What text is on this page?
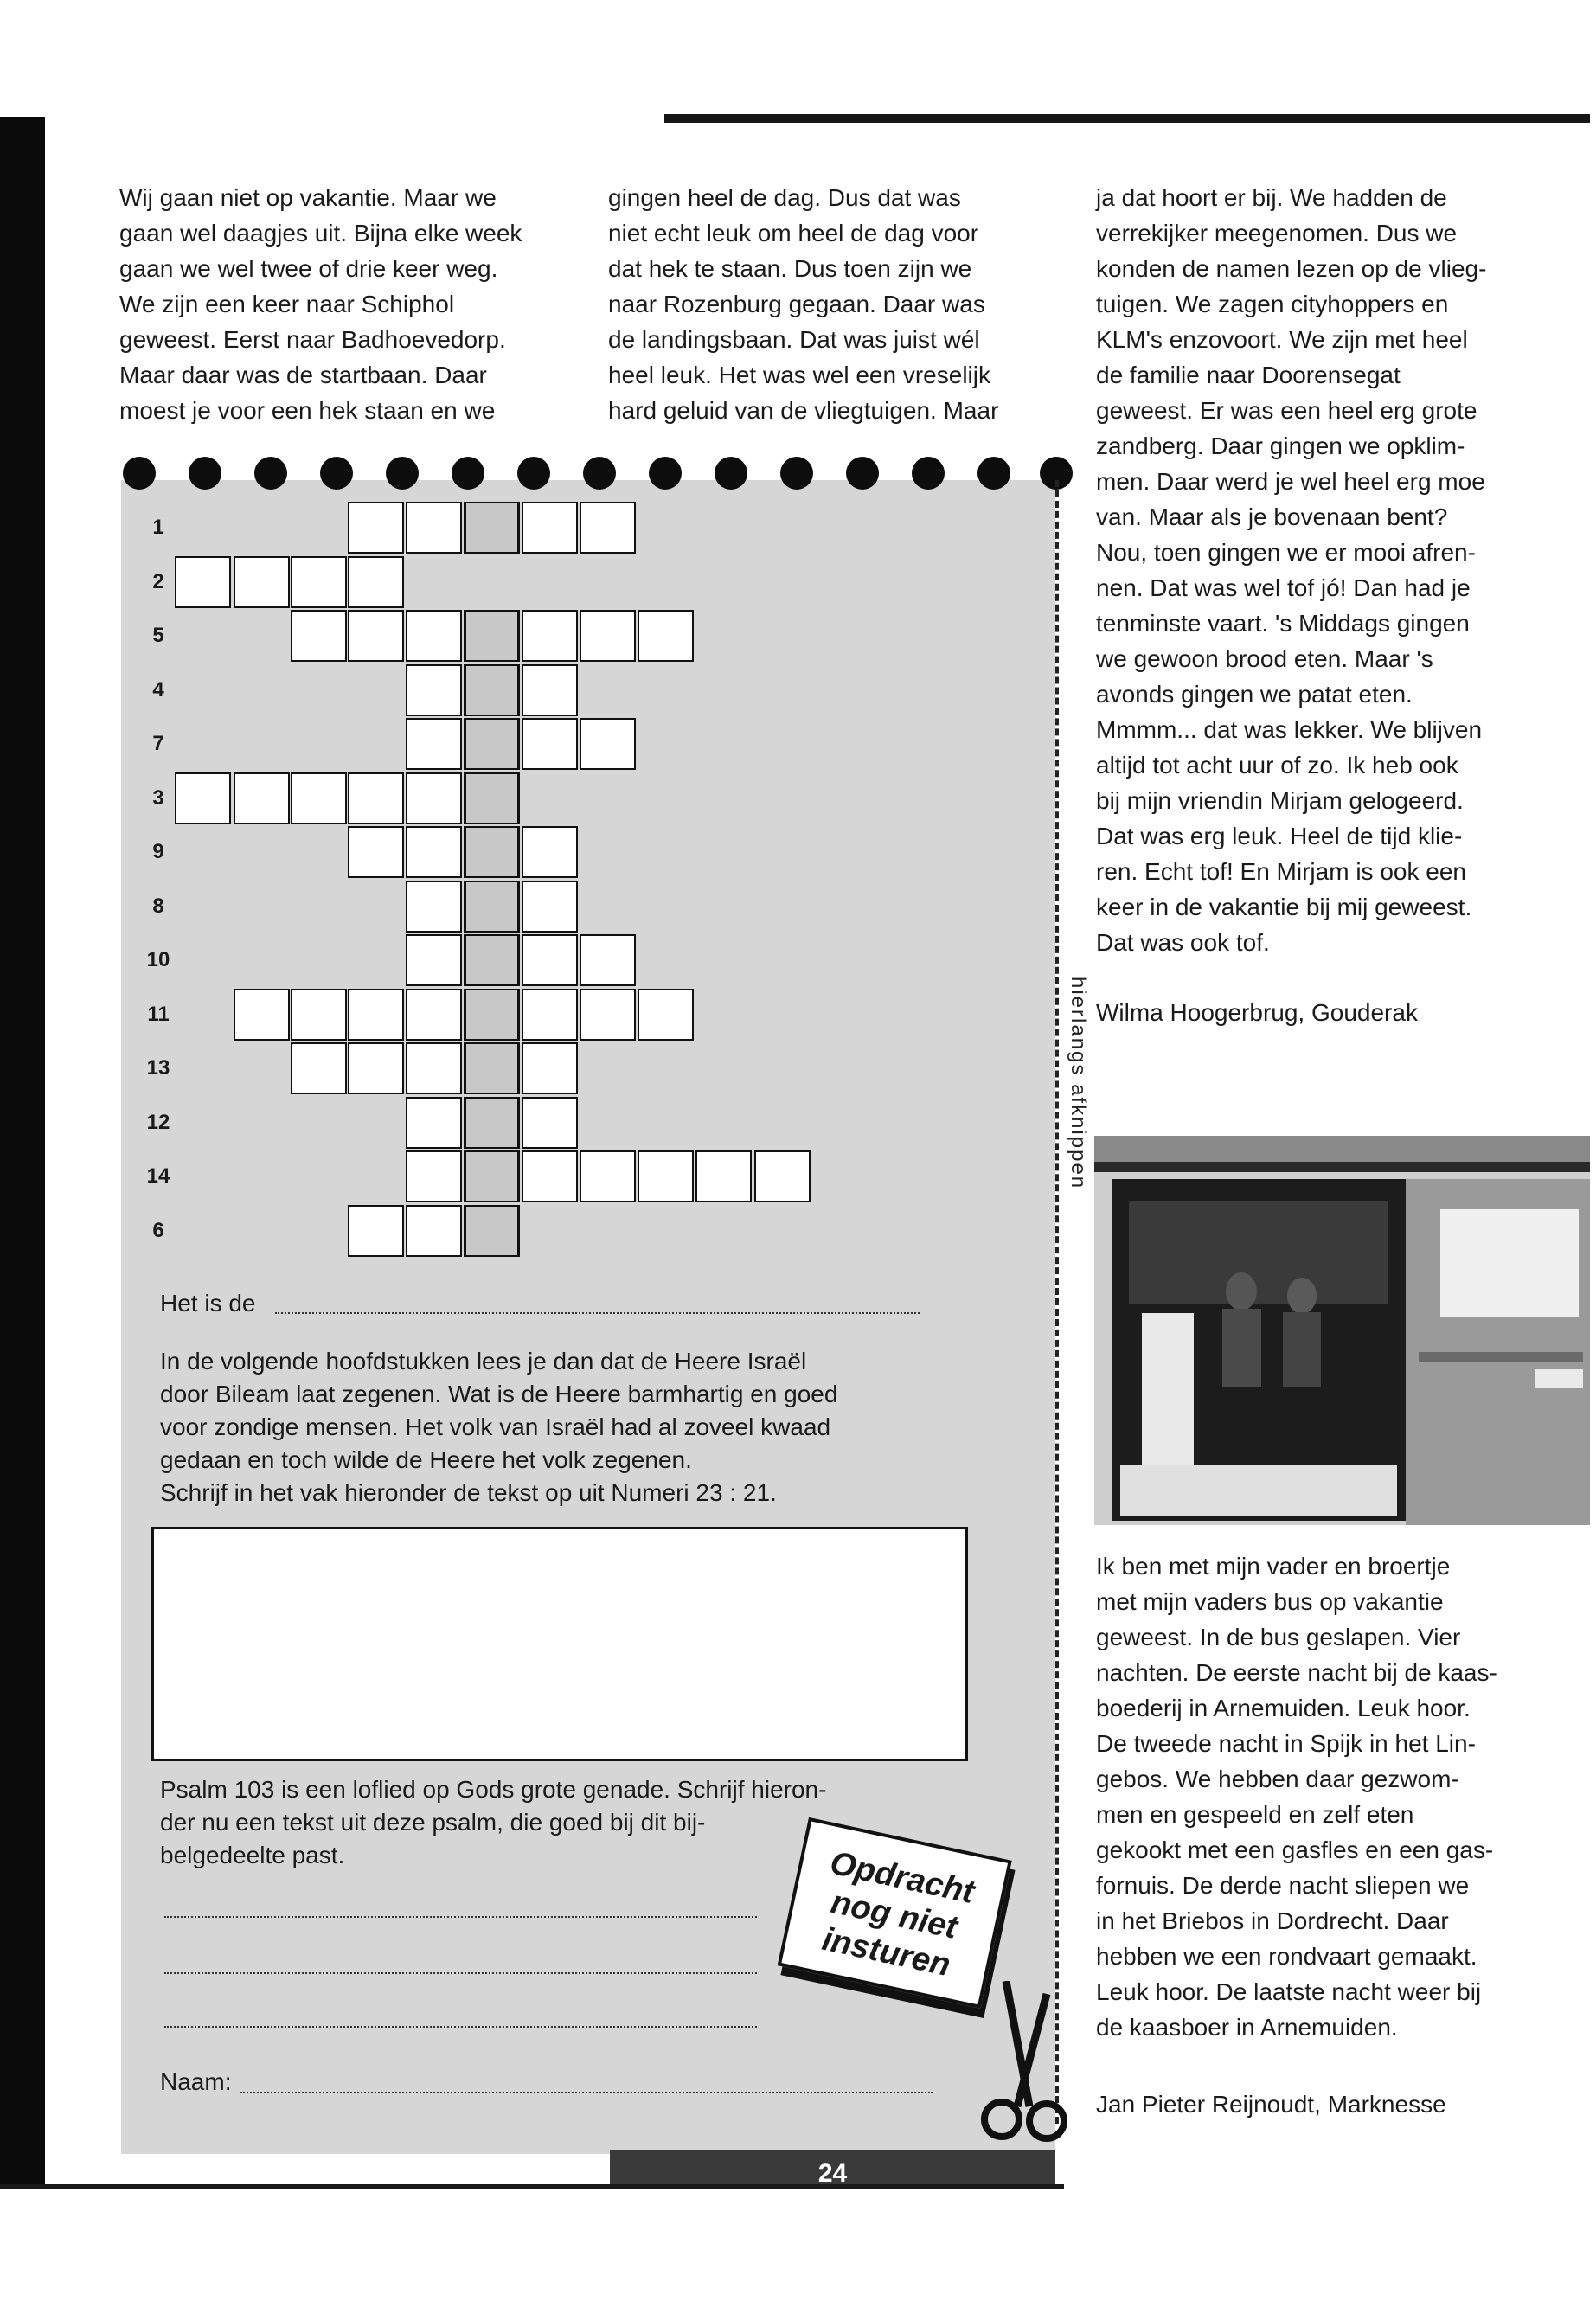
Wij gaan niet op vakantie. Maar we
gaan wel daagjes uit. Bijna elke week
gaan we wel twee of drie keer weg.
We zijn een keer naar Schiphol
geweest. Eerst naar Badhoevedorp.
Maar daar was de startbaan. Daar
moest je voor een hek staan en we

gingen heel de dag. Dus dat was
niet echt leuk om heel de dag voor
dat hek te staan. Dus toen zijn we
naar Rozenburg gegaan. Daar was
de landingsbaan. Dat was juist wél
heel leuk. Het was wel een vreselijk
hard geluid van de vliegtuigen. Maar

ja dat hoort er bij. We hadden de
verrekijker meegenomen. Dus we
konden de namen lezen op de vlieg-
tuigen. We zagen cityhoppers en
KLM's enzovoort. We zijn met heel
de familie naar Doorensegat
geweest. Er was een heel erg grote
zandberg. Daar gingen we opklim-
men. Daar werd je wel heel erg moe
van. Maar als je bovenaan bent?
Nou, toen gingen we er mooi afren-
nen. Dat was wel tof jó! Dan had je
tenminste vaart. 's Middags gingen
we gewoon brood eten. Maar 's
avonds gingen we patat eten.
Mmmm... dat was lekker. We blijven
altijd tot acht uur of zo. Ik heb ook
bij mijn vriendin Mirjam gelogeerd.
Dat was erg leuk. Heel de tijd klie-
ren. Echt tof! En Mirjam is ook een
keer in de vakantie bij mij geweest.
Dat was ook tof.

Wilma Hoogerbrug, Gouderak
Ik ben met mijn vader en broertje
met mijn vaders bus op vakantie
geweest. In de bus geslapen. Vier
nachten. De eerste nacht bij de kaas-
boederij in Arnemuiden. Leuk hoor.
De tweede nacht in Spijk in het Lin-
gebos. We hebben daar gezwom-
men en gespeeld en zelf eten
gekookt met een gasfles en een gas-
fornuis. De derde nacht sliepen we
in het Briebos in Dordrecht. Daar
hebben we een rondvaart gemaakt.
Leuk hoor. De laatste nacht weer bij
de kaasboer in Arnemuiden.
Jan Pieter Reijnoudt, Marknesse
hierlangs afknippen
1
2
5
4
7
3
9
8
10
11
13
12
14
6
Het is de
In de volgende hoofdstukken lees je dan dat de Heere Israël
door Bileam laat zegenen. Wat is de Heere barmhartig en goed
voor zondige mensen. Het volk van Israël had al zoveel kwaad
gedaan en toch wilde de Heere het volk zegenen.
Schrijf in het vak hieronder de tekst op uit Numeri 23 : 21.
Psalm 103 is een loflied op Gods grote genade. Schrijf hieron-
der nu een tekst uit deze psalm, die goed bij dit bij-
belgedeelte past.
Naam:
Opdracht
nog niet
insturen
24
